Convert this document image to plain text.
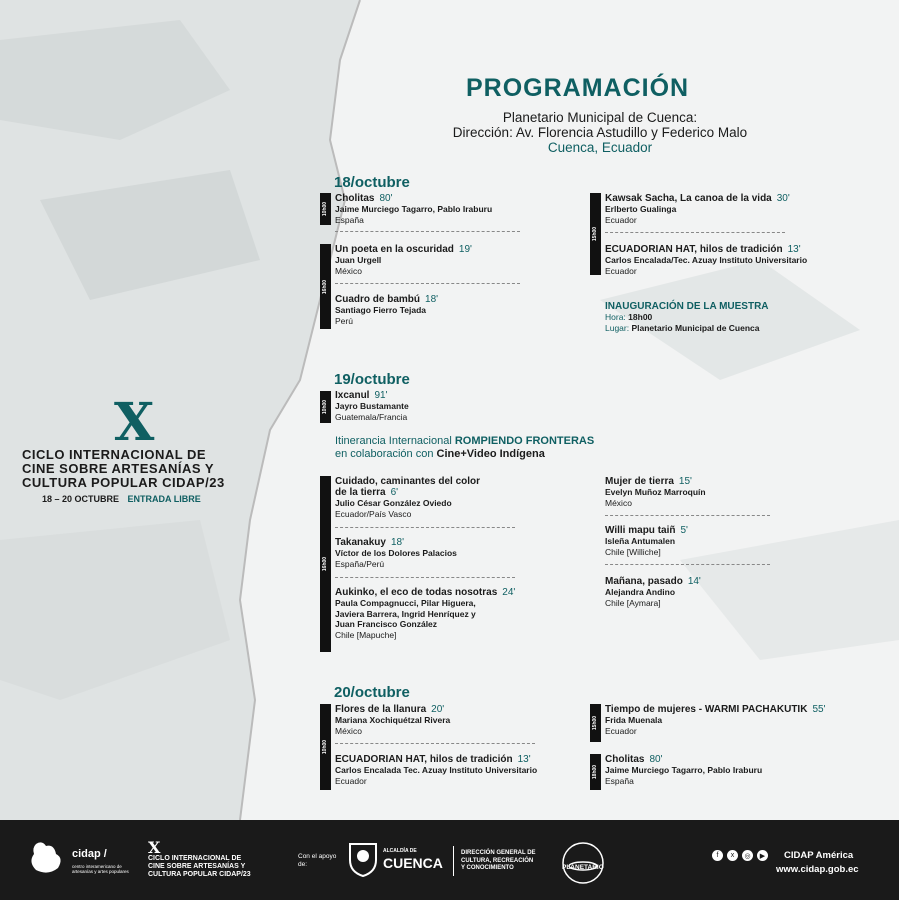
PROGRAMACIÓN
Planetario Municipal de Cuenca:
Dirección: Av. Florencia Astudillo y Federico Malo
Cuenca, Ecuador
X
CICLO INTERNACIONAL DE
CINE SOBRE ARTESANÍAS Y
CULTURA POPULAR CIDAP/23
18 – 20 OCTUBRE ENTRADA LIBRE
18/octubre
10h00
16h00
15h00
Cholitas 80'
Jaime Murciego Tagarro, Pablo Iraburu
España
Un poeta en la oscuridad 19'
Juan Urgell
México
Cuadro de bambú 18'
Santiago Fierro Tejada
Perú
Kawsak Sacha, La canoa de la vida 30'
Erlberto Gualinga
Ecuador
ECUADORIAN HAT, hilos de tradición 13'
Carlos Encalada/Tec. Azuay Instituto Universitario
Ecuador
INAUGURACIÓN DE LA MUESTRA
Hora: 18h00
Lugar: Planetario Municipal de Cuenca
19/octubre
10h00
Ixcanul 91'
Jayro Bustamante
Guatemala/Francia
Itinerancia Internacional ROMPIENDO FRONTERAS
en colaboración con Cine+Video Indígena
16h00
Cuidado, caminantes del color
de la tierra 6'
Julio César González Oviedo
Ecuador/País Vasco
Takanakuy 18'
Víctor de los Dolores Palacios
España/Perú
Aukinko, el eco de todas nosotras 24'
Paula Compagnucci, Pilar Higuera,
Javiera Barrera, Ingrid Henríquez y
Juan Francisco González
Chile [Mapuche]
Mujer de tierra 15'
Evelyn Muñoz Marroquín
México
Willi mapu taiñ 5'
Isleña Antumalen
Chile [Williche]
Mañana, pasado 14'
Alejandra Andino
Chile [Aymara]
20/octubre
10h00
15h00
18h00
Flores de la llanura 20'
Mariana Xochiquétzal Rivera
México
ECUADORIAN HAT, hilos de tradición 13'
Carlos Encalada Tec. Azuay Instituto Universitario
Ecuador
Tiempo de mujeres - WARMI PACHAKUTIK 55'
Frida Muenala
Ecuador
Cholitas 80'
Jaime Murciego Tagarro, Pablo Iraburu
España
cidap /
centro interamericano de artesanías y artes populares
X
CICLO INTERNACIONAL DE
CINE SOBRE ARTESANÍAS Y
CULTURA POPULAR CIDAP/23
Con el apoyo de:
ALCALDÍA DE
CUENCA
DIRECCIÓN GENERAL DE
CULTURA, RECREACIÓN
Y CONOCIMIENTO	PLANETARIO
f	x	◎	▶ CIDAP América
www.cidap.gob.ec
